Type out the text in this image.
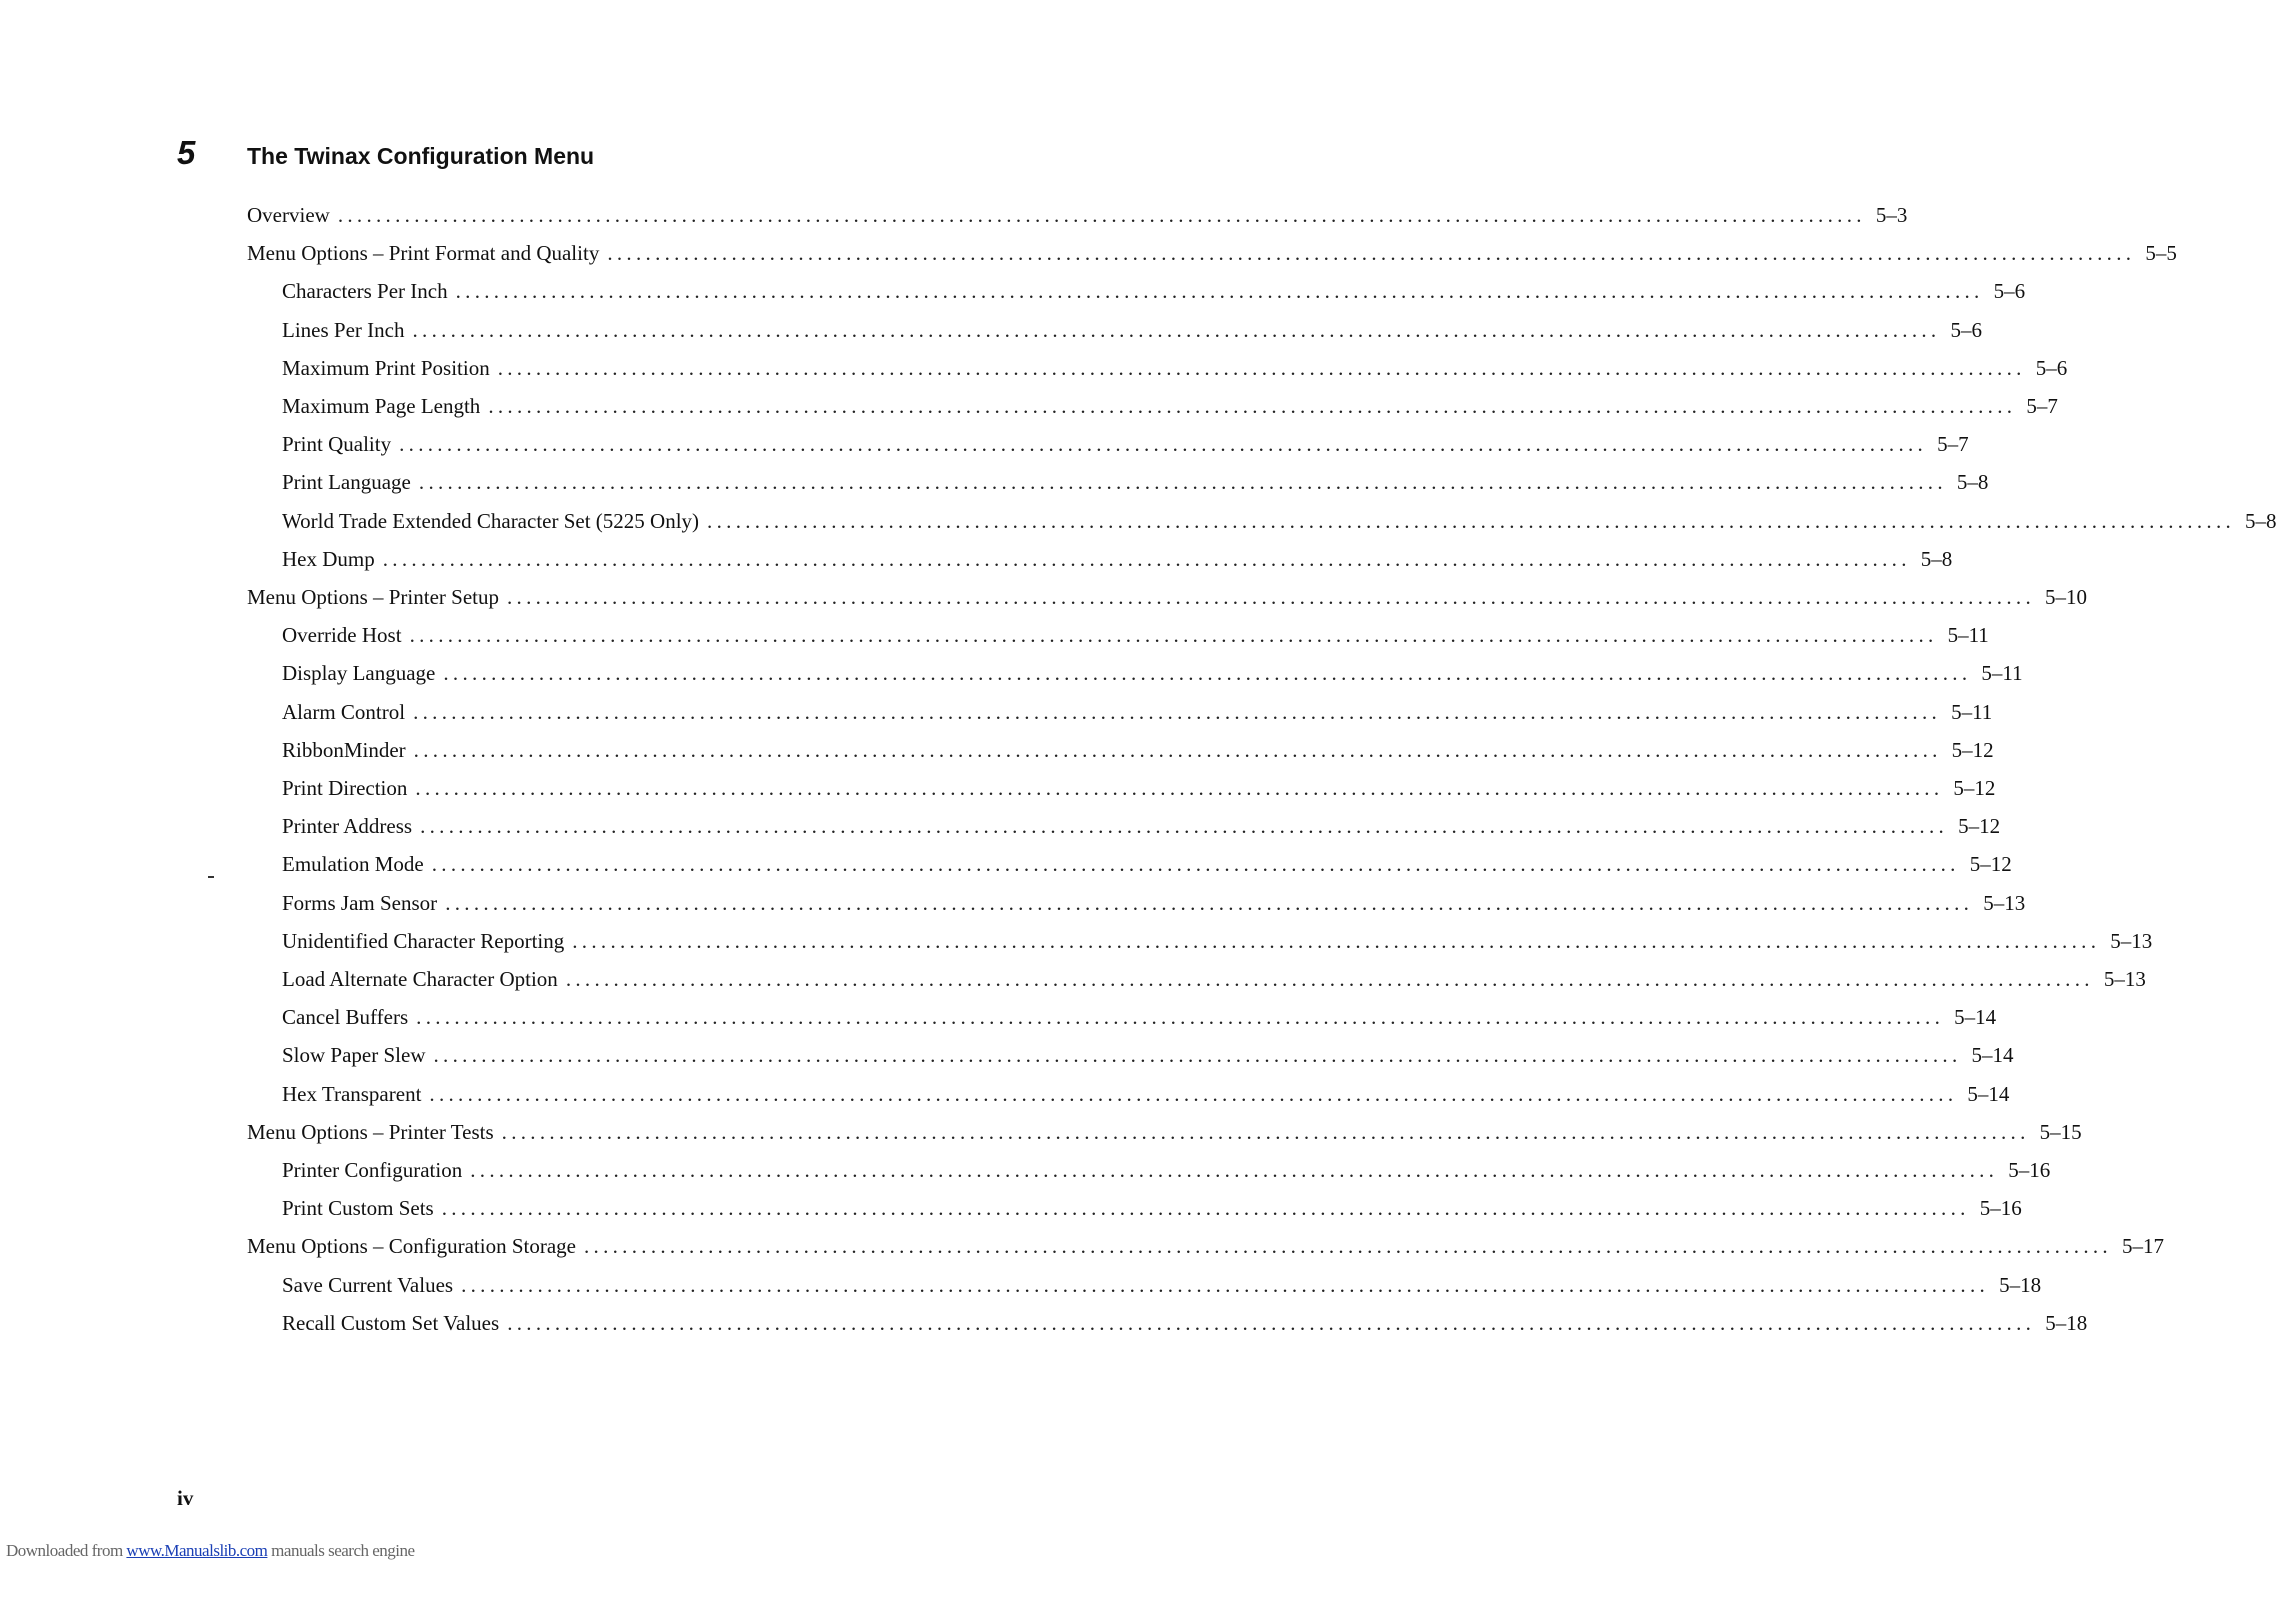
5 The Twinax Configuration Menu
Overview ................................................................................................................................................................ 5–3
Menu Options – Print Format and Quality ................................................................................................................................................................ 5–5
Characters Per Inch ................................................................................................................................................................ 5–6
Lines Per Inch ................................................................................................................................................................ 5–6
Maximum Print Position ................................................................................................................................................................ 5–6
Maximum Page Length ................................................................................................................................................................ 5–7
Print Quality ................................................................................................................................................................ 5–7
Print Language ................................................................................................................................................................ 5–8
World Trade Extended Character Set (5225 Only) ................................................................................................................................................................ 5–8
Hex Dump ................................................................................................................................................................ 5–8
Menu Options – Printer Setup ................................................................................................................................................................ 5–10
Override Host ................................................................................................................................................................ 5–11
Display Language ................................................................................................................................................................ 5–11
Alarm Control ................................................................................................................................................................ 5–11
RibbonMinder ................................................................................................................................................................ 5–12
Print Direction ................................................................................................................................................................ 5–12
Printer Address ................................................................................................................................................................ 5–12
Emulation Mode ................................................................................................................................................................ 5–12
Forms Jam Sensor ................................................................................................................................................................ 5–13
Unidentified Character Reporting ................................................................................................................................................................ 5–13
Load Alternate Character Option ................................................................................................................................................................ 5–13
Cancel Buffers ................................................................................................................................................................ 5–14
Slow Paper Slew ................................................................................................................................................................ 5–14
Hex Transparent ................................................................................................................................................................ 5–14
Menu Options – Printer Tests ................................................................................................................................................................ 5–15
Printer Configuration ................................................................................................................................................................ 5–16
Print Custom Sets ................................................................................................................................................................ 5–16
Menu Options – Configuration Storage ................................................................................................................................................................ 5–17
Save Current Values ................................................................................................................................................................ 5–18
Recall Custom Set Values ................................................................................................................................................................ 5–18
iv
Downloaded from www.Manualslib.com manuals search engine
